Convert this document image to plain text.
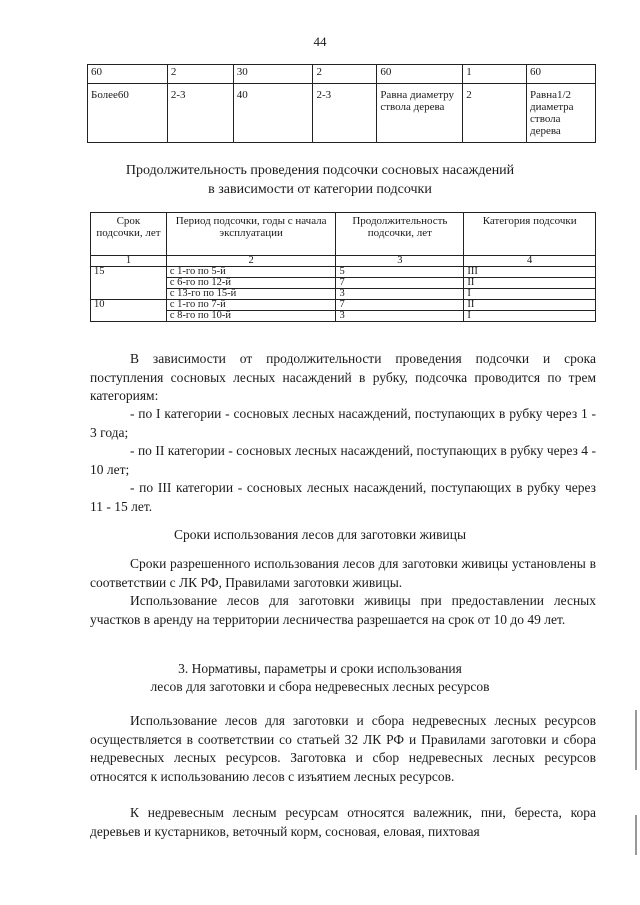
44
60	2	30	2	60	1	60
Более60	2-3	40	2-3	Равна диаметру ствола дерева	2	Равна1/2 диаметра ствола дерева
Продолжительность проведения подсочки сосновых насаждений
в зависимости от категории подсочки
Срок подсочки, лет	Период подсочки, годы с начала эксплуатации	Продолжительность подсочки, лет	Категория подсочки
1	2	3	4
15	с 1-го по 5-й	5	III
	с 6-го по 12-й	7	II
	с 13-го по 15-й	3	I
10	с 1-го по 7-й	7	II
	с 8-го по 10-й	3	I

В зависимости от продолжительности проведения подсочки и срока поступления сосновых лесных насаждений в рубку, подсочка проводится по трем категориям:

- по I категории - сосновых лесных насаждений, поступающих в рубку через 1 - 3 года;

- по II категории - сосновых лесных насаждений, поступающих в рубку через 4 - 10 лет;

- по III категории - сосновых лесных насаждений, поступающих в рубку через 11 - 15 лет.

Сроки использования лесов для заготовки живицы

Сроки разрешенного использования лесов для заготовки живицы установлены в соответствии с ЛК РФ, Правилами заготовки живицы.

Использование лесов для заготовки живицы при предоставлении лесных участков в аренду на территории лесничества разрешается на срок от 10 до 49 лет.

3. Нормативы, параметры и сроки использования

лесов для заготовки и сбора недревесных лесных ресурсов

Использование лесов для заготовки и сбора недревесных лесных ресурсов осуществляется в соответствии со статьей 32 ЛК РФ и Правилами заготовки и сбора недревесных лесных ресурсов. Заготовка и сбор недревесных лесных ресурсов относятся к использованию лесов с изъятием лесных ресурсов.

К недревесным лесным ресурсам относятся валежник, пни, береста, кора деревьев и кустарников, веточный корм, сосновая, еловая, пихтовая
